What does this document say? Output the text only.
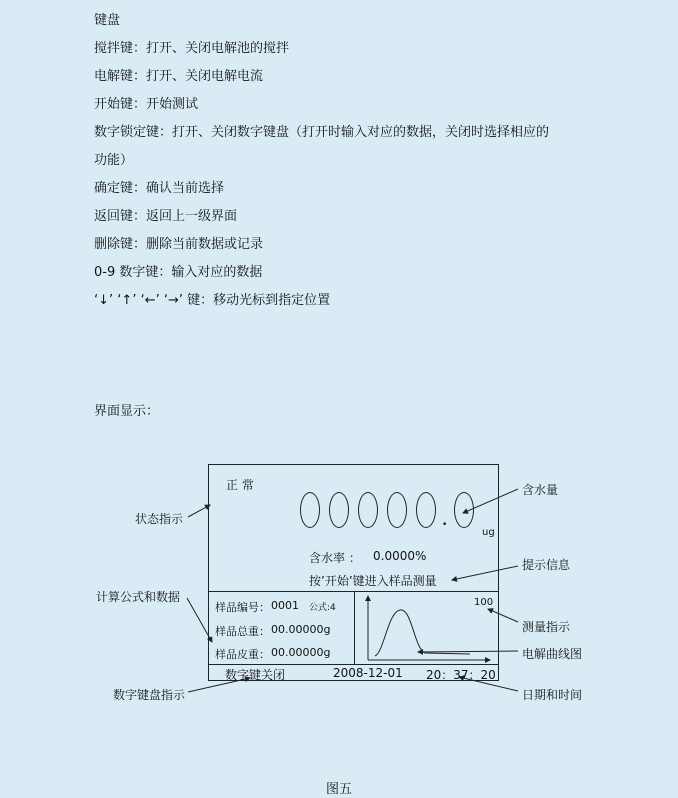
键盘
搅拌键：打开、关闭电解池的搅拌
电解键：打开、关闭电解电流
开始键：开始测试
数字锁定键：打开、关闭数字键盘（打开时输入对应的数据，关闭时选择相应的
功能）
确定键：确认当前选择
返回键：返回上一级界面
删除键：删除当前数据或记录
0-9 数字键：输入对应的数据
‘↓’ ‘↑’ ‘←’ ‘→’ 键：移动光标到指定位置
界面显示：
正 常
•
ug
含水率 ： 0.0000%
按’开始’键进入样品测量
样品编号： 0001 公式:4
样品总重： 00.00000g
样品皮重： 00.00000g
100
数字键关闭	2008-12-01 20：37：20
状态指示
含水量
提示信息
计算公式和数据
测量指示
电解曲线图
数字键盘指示	日期和时间
图五
